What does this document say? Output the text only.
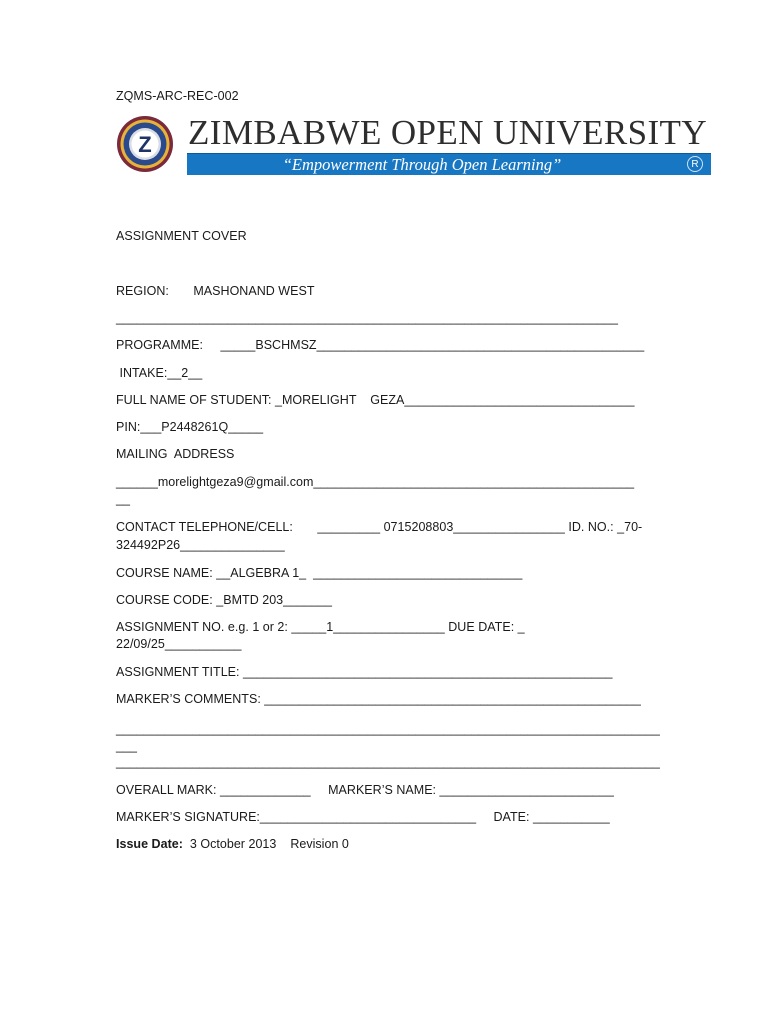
ZQMS-ARC-REC-002
Z ZIMBABWE OPEN UNIVERSITY
“Empowerment Through Open Learning”	R
ASSIGNMENT COVER
REGION:       MASHONAND WEST
________________________________________________________________________
PROGRAMME:     _____BSCHMSZ_______________________________________________
INTAKE:__2__
FULL NAME OF STUDENT: _MORELIGHT    GEZA_________________________________
PIN:___P2448261Q_____
MAILING  ADDRESS
______morelightgeza9@gmail.com______________________________________________
__
CONTACT TELEPHONE/CELL:       _________ 0715208803________________ ID. NO.: _70-
324492P26_______________
COURSE NAME: __ALGEBRA 1_  ______________________________
COURSE CODE: _BMTD 203_______
ASSIGNMENT NO. e.g. 1 or 2: _____1________________ DUE DATE: _
22/09/25___________
ASSIGNMENT TITLE: _____________________________________________________
MARKER’S COMMENTS: ______________________________________________________
______________________________________________________________________________
___
______________________________________________________________________________
OVERALL MARK: _____________     MARKER’S NAME: _________________________
MARKER’S SIGNATURE:_______________________________     DATE: ___________
Issue Date:  3 October 2013    Revision 0
